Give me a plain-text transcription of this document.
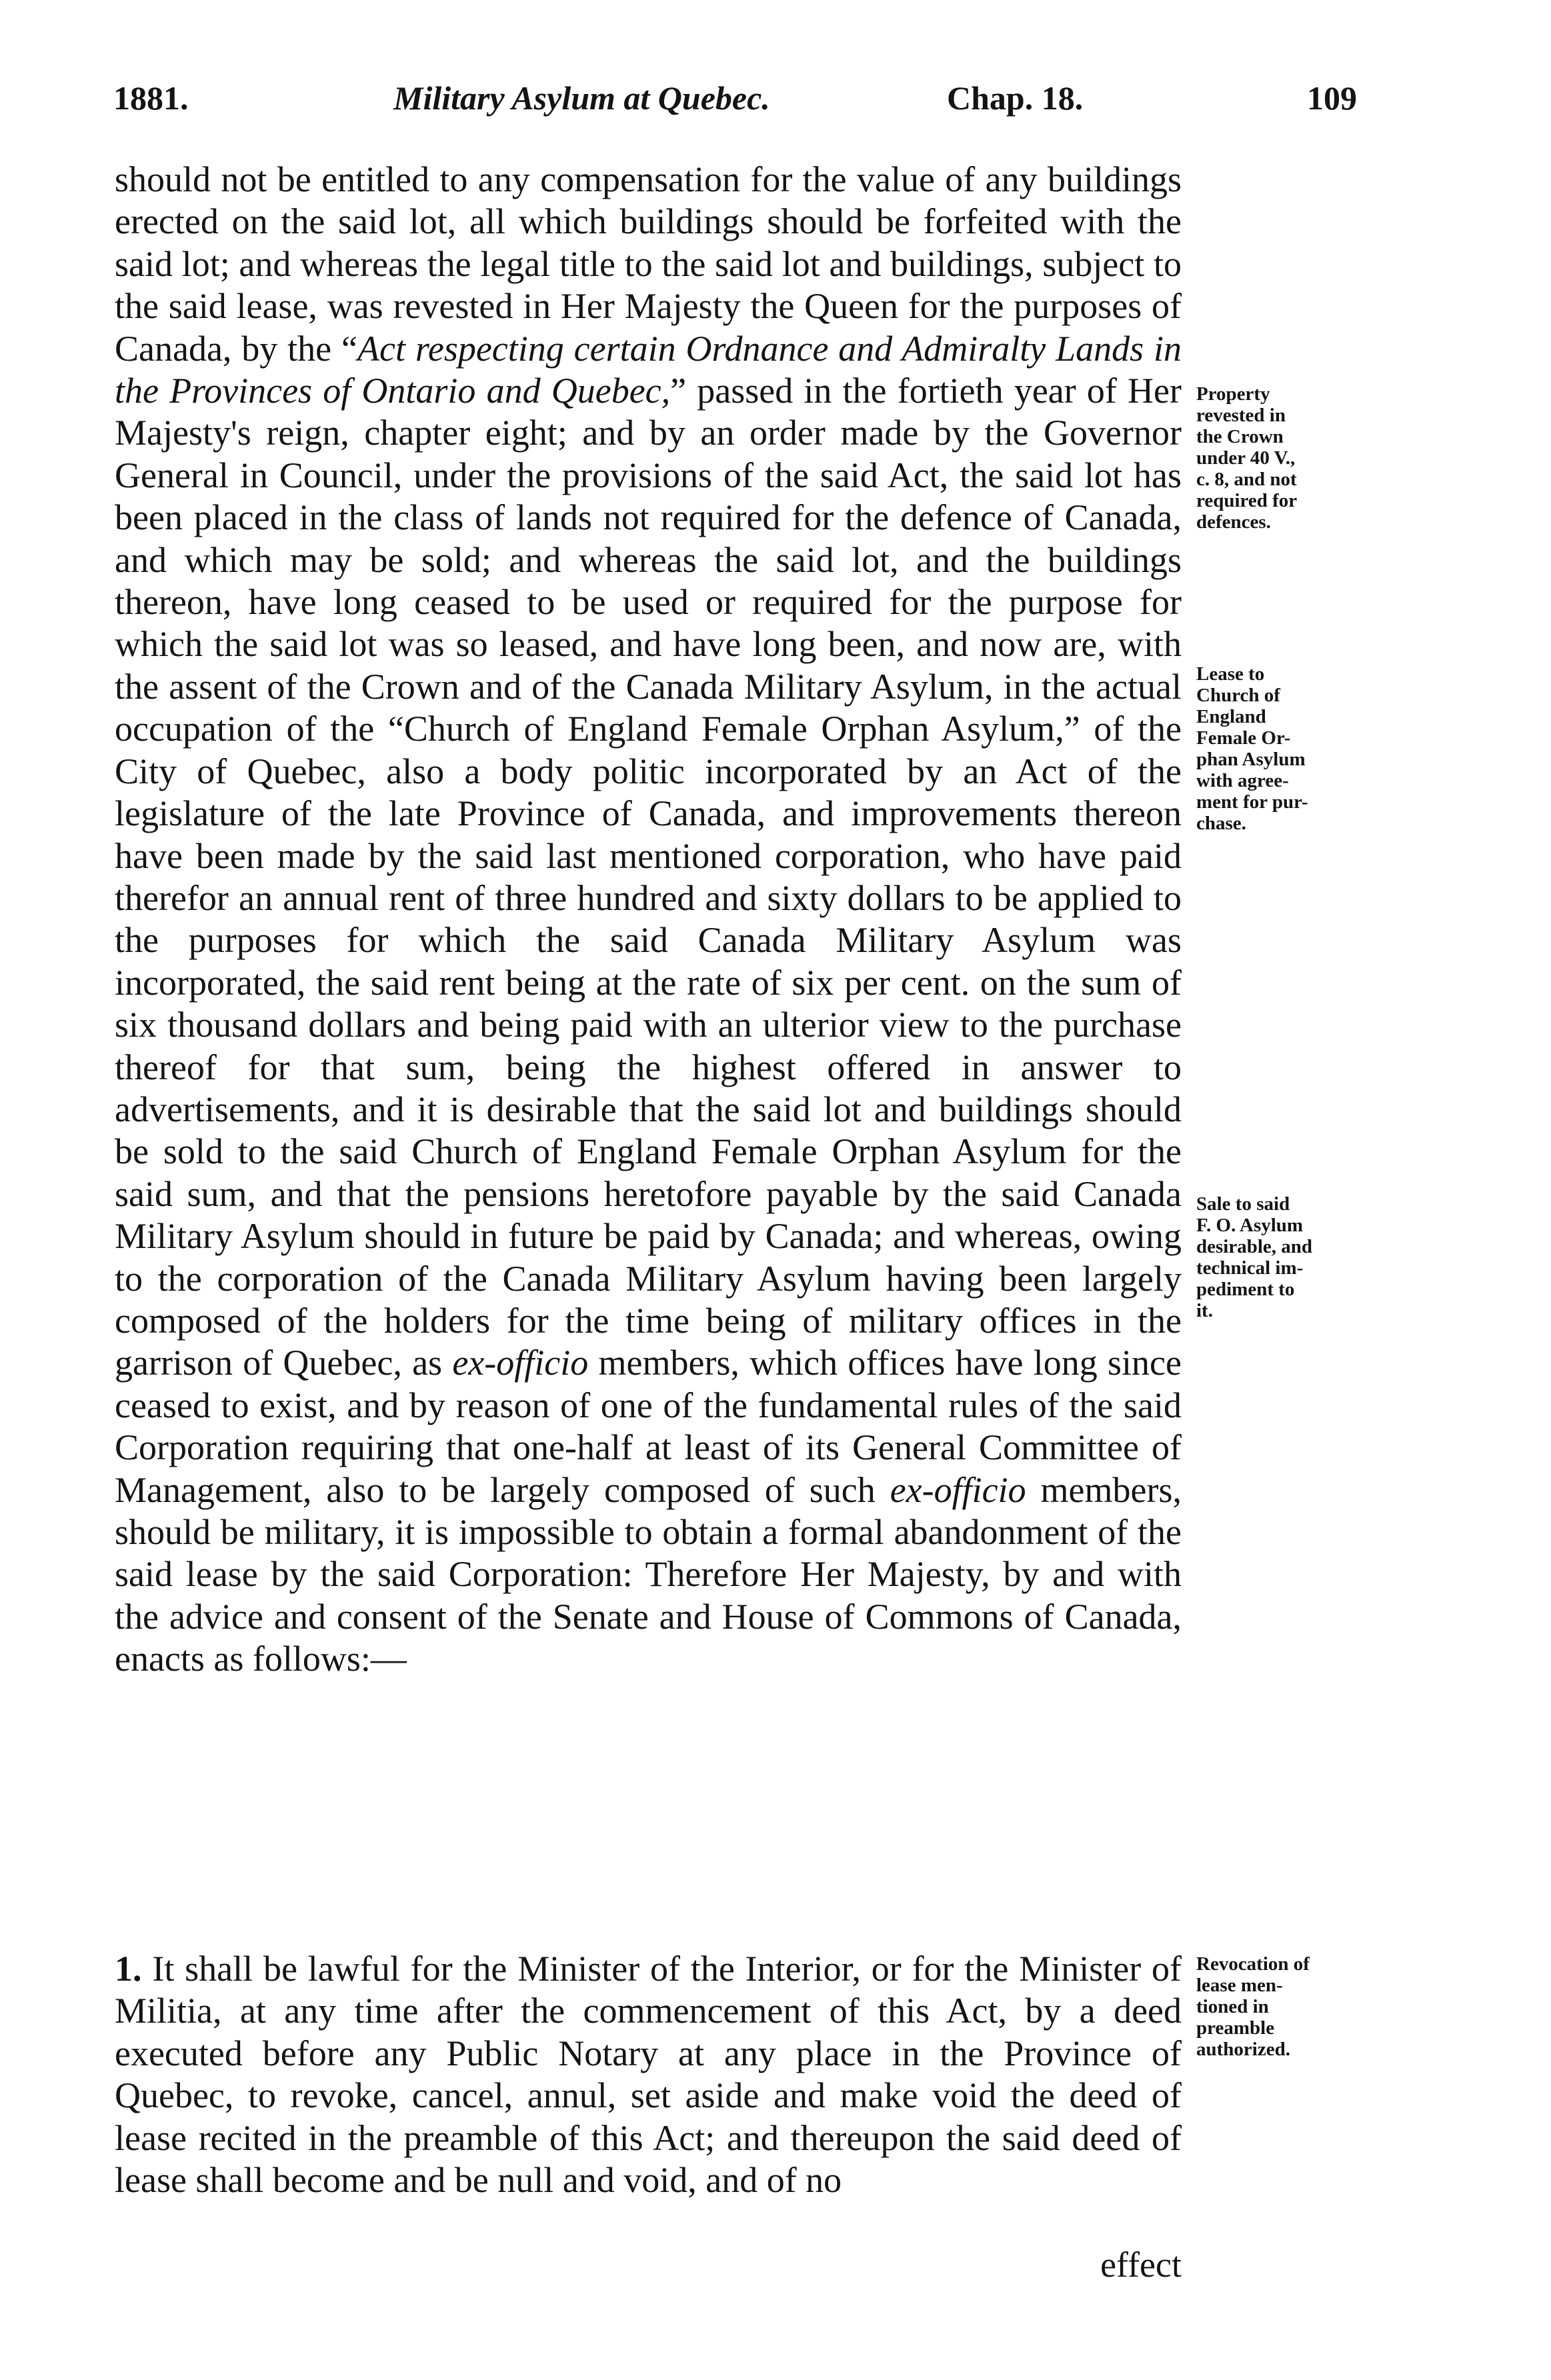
1881.	Military Asylum at Quebec.	Chap. 18.	109
should not be entitled to any compensation for the value of any buildings erected on the said lot, all which buildings should be forfeited with the said lot; and whereas the legal title to the said lot and buildings, subject to the said lease, was revested in Her Majesty the Queen for the purposes of Canada, by the “Act respecting certain Ordnance and Admiralty Lands in the Provinces of Ontario and Quebec,” passed in the fortieth year of Her Majesty's reign, chapter eight; and by an order made by the Governor General in Council, under the provisions of the said Act, the said lot has been placed in the class of lands not required for the defence of Canada, and which may be sold; and whereas the said lot, and the buildings thereon, have long ceased to be used or required for the purpose for which the said lot was so leased, and have long been, and now are, with the assent of the Crown and of the Canada Military Asylum, in the actual occupation of the “Church of England Female Orphan Asylum,” of the City of Quebec, also a body politic incorporated by an Act of the legislature of the late Province of Canada, and improvements thereon have been made by the said last mentioned corporation, who have paid therefor an annual rent of three hundred and sixty dollars to be applied to the purposes for which the said Canada Military Asylum was incorporated, the said rent being at the rate of six per cent. on the sum of six thousand dollars and being paid with an ulterior view to the purchase thereof for that sum, being the highest offered in answer to advertisements, and it is desirable that the said lot and buildings should be sold to the said Church of England Female Orphan Asylum for the said sum, and that the pensions heretofore payable by the said Canada Military Asylum should in future be paid by Canada; and whereas, owing to the corporation of the Canada Military Asylum having been largely composed of the holders for the time being of military offices in the garrison of Quebec, as ex-officio members, which offices have long since ceased to exist, and by reason of one of the fundamental rules of the said Corporation requiring that one-half at least of its General Committee of Management, also to be largely composed of such ex-officio members, should be military, it is impossible to obtain a formal abandonment of the said lease by the said Corporation: Therefore Her Majesty, by and with the advice and consent of the Senate and House of Commons of Canada, enacts as follows:—
1. It shall be lawful for the Minister of the Interior, or for the Minister of Militia, at any time after the commencement of this Act, by a deed executed before any Public Notary at any place in the Province of Quebec, to revoke, cancel, annul, set aside and make void the deed of lease recited in the preamble of this Act; and thereupon the said deed of lease shall become and be null and void, and of no
effect
Property
revested in
the Crown
under 40 V.,
c. 8, and not
required for
defences.
Lease to
Church of
England
Female Or-
phan Asylum
with agree-
ment for pur-
chase.
Sale to said
F. O. Asylum
desirable, and
technical im-
pediment to
it.
Revocation of
lease men-
tioned in
preamble
authorized.
